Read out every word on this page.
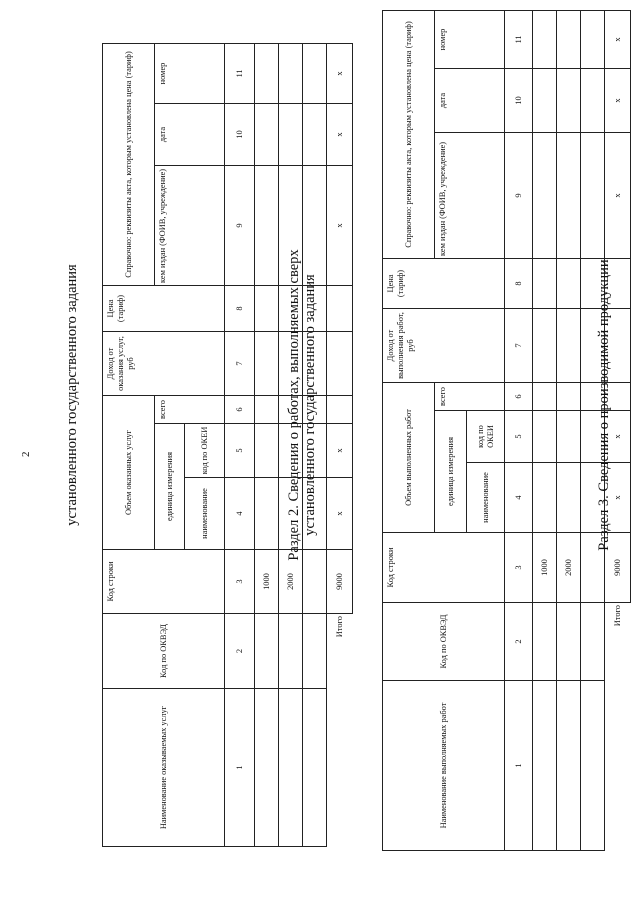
2 установленного государственного задания
Наименование оказываемых услуг	Код по ОКВЭД	Код строки	Объем оказанных услуг			Доход от оказания услуг, руб	Цена (тариф)	Справочно: реквизиты акта, которым установлена цена (тариф)		
			единица измерения		всего			кем издан (ФОИВ, учреждение)	дата	номер
			наименование	код по ОКЕИ						
1	2	3	4	5	6	7	8	9	10	11
		1000								
		2000								

	Итого	9000	x	x				x	x	x
Раздел 2. Сведения о работах, выполняемых сверх установленного государственного задания
Наименование выполняемых работ	Код по ОКВЭД	Код строки	Объем выполненных работ			Доход от выполнения работ, руб	Цена (тариф)	Справочно: реквизиты акта, которым установлена цена (тариф)		
			единица измерения		всего			кем издан (ФОИВ, учреждение)	дата	номер
			наименование	код по ОКЕИ						
1	2	3	4	5	6	7	8	9	10	11
		1000								
		2000								

	Итого	9000	x	x				x	x	x
Раздел 3. Сведения о производимой продукции
